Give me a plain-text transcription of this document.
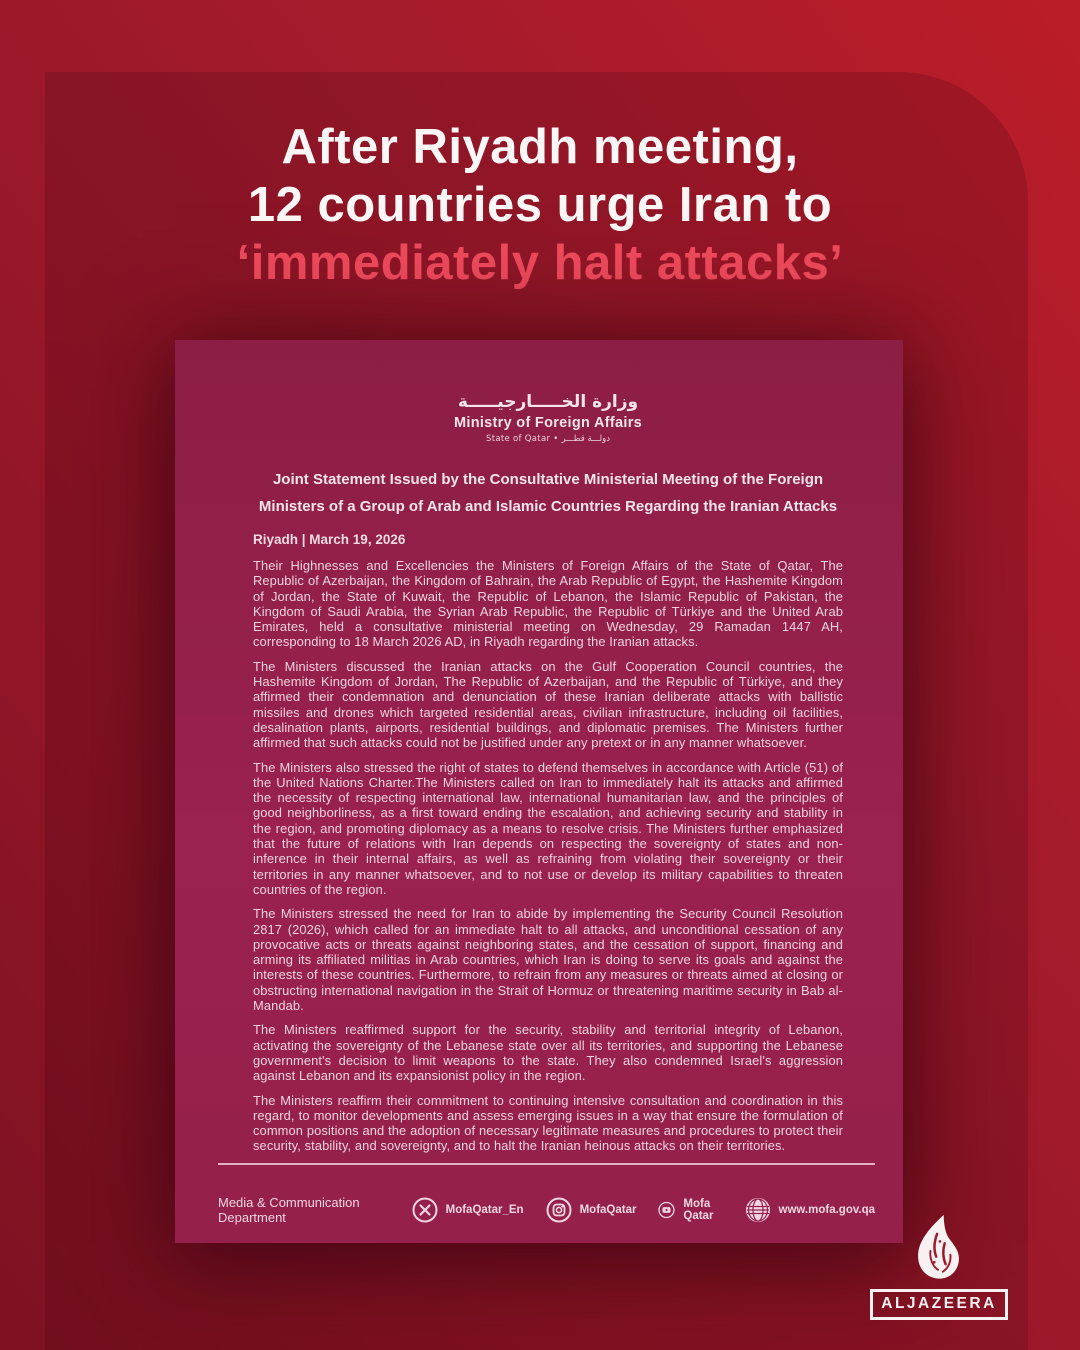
After Riyadh meeting,
12 countries urge Iran to
‘immediately halt attacks’
وزارة الخـــــارجيـــــة
Ministry of Foreign Affairs
State of Qatar • دولـــة قطـــر
Joint Statement Issued by the Consultative Ministerial Meeting of the Foreign Ministers of a Group of Arab and Islamic Countries Regarding the Iranian Attacks
Riyadh | March 19, 2026

Their Highnesses and Excellencies the Ministers of Foreign Affairs of the State of Qatar, The Republic of Azerbaijan, the Kingdom of Bahrain, the Arab Republic of Egypt, the Hashemite Kingdom of Jordan, the State of Kuwait, the Republic of Lebanon, the Islamic Republic of Pakistan, the Kingdom of Saudi Arabia, the Syrian Arab Republic, the Republic of Türkiye and the United Arab Emirates, held a consultative ministerial meeting on Wednesday, 29 Ramadan 1447 AH, corresponding to 18 March 2026 AD, in Riyadh regarding the Iranian attacks.

The Ministers discussed the Iranian attacks on the Gulf Cooperation Council countries, the Hashemite Kingdom of Jordan, The Republic of Azerbaijan, and the Republic of Türkiye, and they affirmed their condemnation and denunciation of these Iranian deliberate attacks with ballistic missiles and drones which targeted residential areas, civilian infrastructure, including oil facilities, desalination plants, airports, residential buildings, and diplomatic premises. The Ministers further affirmed that such attacks could not be justified under any pretext or in any manner whatsoever.

The Ministers also stressed the right of states to defend themselves in accordance with Article (51) of the United Nations Charter.The Ministers called on Iran to immediately halt its attacks and affirmed the necessity of respecting international law, international humanitarian law, and the principles of good neighborliness, as a first toward ending the escalation, and achieving security and stability in the region, and promoting diplomacy as a means to resolve crisis. The Ministers further emphasized that the future of relations with Iran depends on respecting the sovereignty of states and non-inference in their internal affairs, as well as refraining from violating their sovereignty or their territories in any manner whatsoever, and to not use or develop its military capabilities to threaten countries of the region.

The Ministers stressed the need for Iran to abide by implementing the Security Council Resolution 2817 (2026), which called for an immediate halt to all attacks, and unconditional cessation of any provocative acts or threats against neighboring states, and the cessation of support, financing and arming its affiliated militias in Arab countries, which Iran is doing to serve its goals and against the interests of these countries. Furthermore, to refrain from any measures or threats aimed at closing or obstructing international navigation in the Strait of Hormuz or threatening maritime security in Bab al-Mandab.

The Ministers reaffirmed support for the security, stability and territorial integrity of Lebanon, activating the sovereignty of the Lebanese state over all its territories, and supporting the Lebanese government's decision to limit weapons to the state. They also condemned Israel's aggression against Lebanon and its expansionist policy in the region.

The Ministers reaffirm their commitment to continuing intensive consultation and coordination in this regard, to monitor developments and assess emerging issues in a way that ensure the formulation of common positions and the adoption of necessary legitimate measures and procedures to protect their security, stability, and sovereignty, and to halt the Iranian heinous attacks on their territories.

Media & Communication Department	MofaQatar_En	MofaQatar	Mofa Qatar	www.mofa.gov.qa
ALJAZEERA
